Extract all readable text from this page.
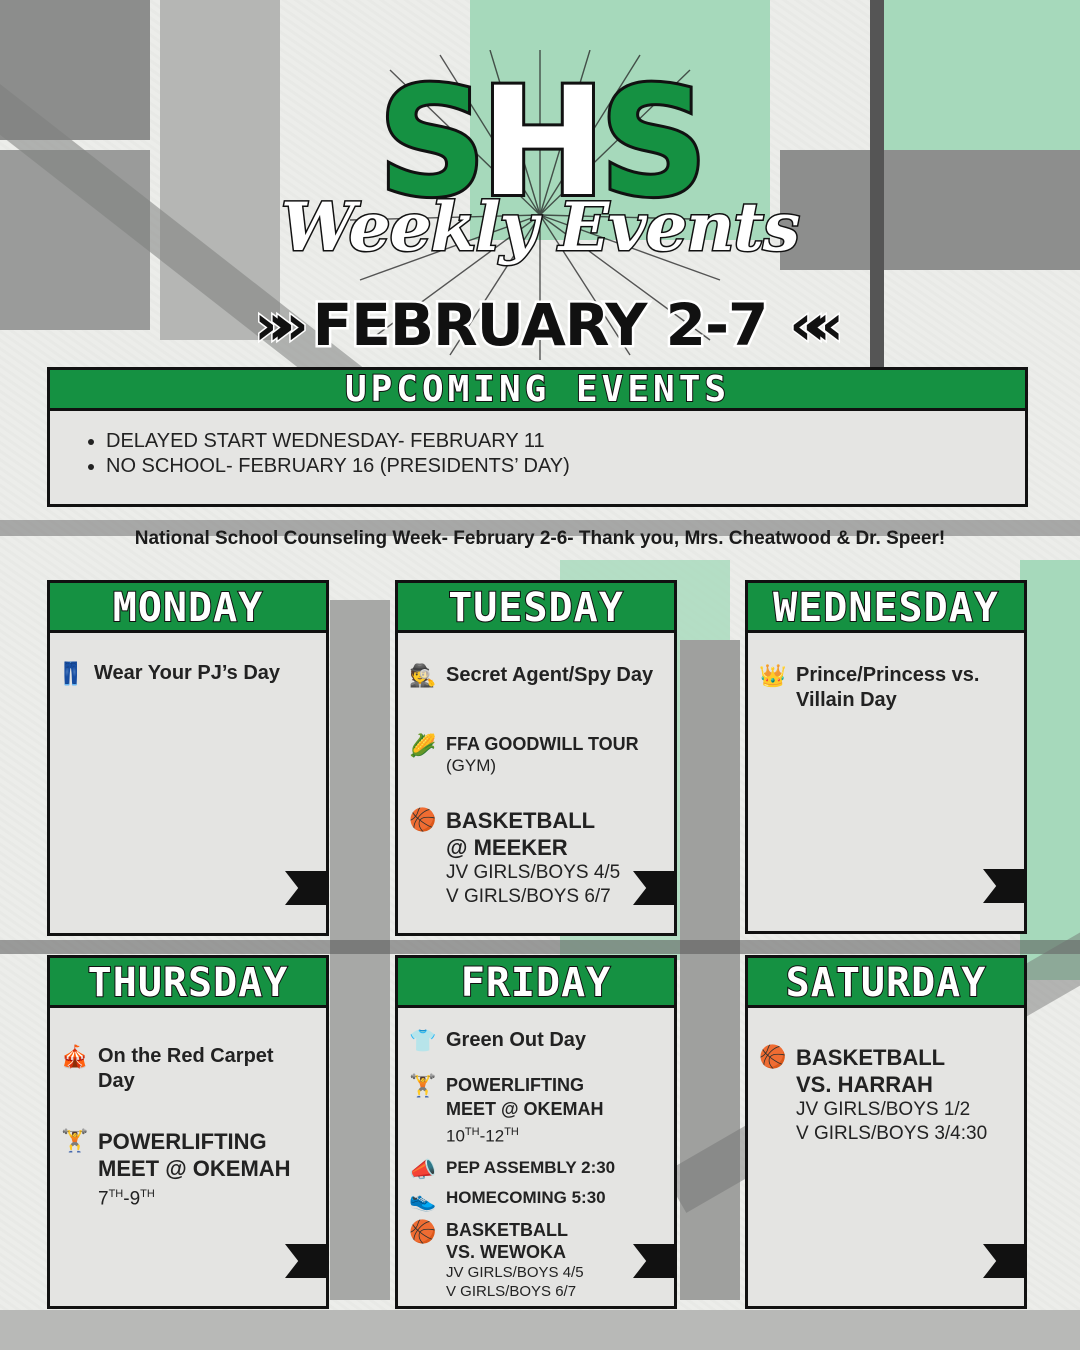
SHS
Weekly Events
»» FEBRUARY 2-7 ««
UPCOMING EVENTS
• DELAYED START WEDNESDAY- FEBRUARY 11
• NO SCHOOL- FEBRUARY 16 (PRESIDENTS’ DAY)
National School Counseling Week- February 2-6- Thank you, Mrs. Cheatwood & Dr. Speer!
MONDAY
👖 Wear Your PJ’s Day
TUESDAY
🕵 Secret Agent/Spy Day
🌽 FFA GOODWILL TOUR
(GYM)
🏀 BASKETBALL
@ MEEKER
JV GIRLS/BOYS 4/5
V GIRLS/BOYS 6/7
WEDNESDAY
👑 Prince/Princess vs.
Villain Day
THURSDAY
🎪 On the Red Carpet
Day
🏋 POWERLIFTING
MEET @ OKEMAH
7TH-9TH
FRIDAY
👕 Green Out Day
🏋 POWERLIFTING
MEET @ OKEMAH
10TH-12TH
📣 PEP ASSEMBLY 2:30
👟 HOMECOMING 5:30
🏀 BASKETBALL
VS. WEWOKA
JV GIRLS/BOYS 4/5
V GIRLS/BOYS 6/7
SATURDAY
🏀 BASKETBALL
VS. HARRAH
JV GIRLS/BOYS 1/2
V GIRLS/BOYS 3/4:30
